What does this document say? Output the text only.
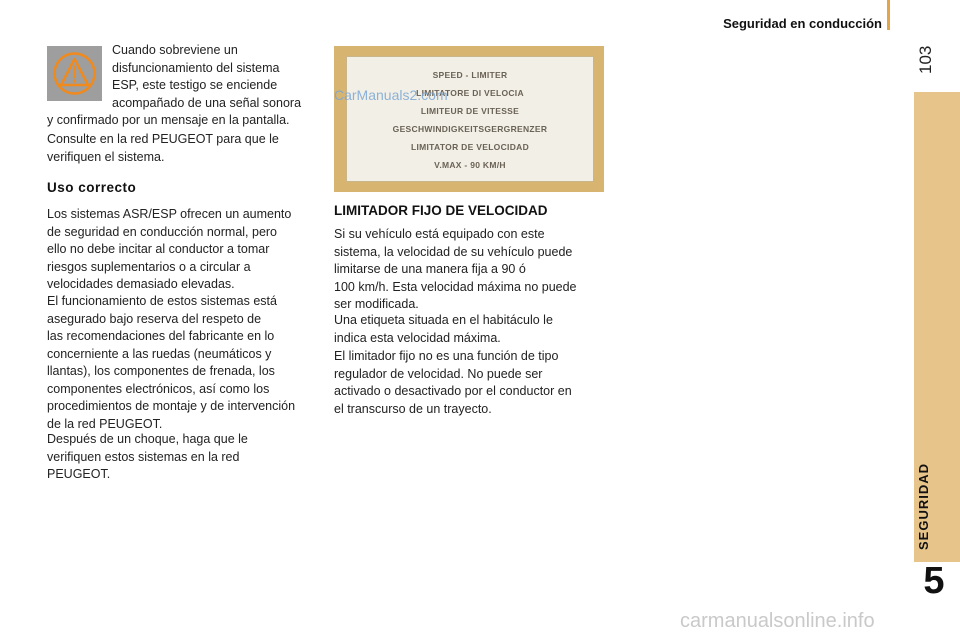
Seguridad en conducción
103
SEGURIDAD
5
Cuando sobreviene un
disfuncionamiento del sistema
ESP, este testigo se enciende
acompañado de una señal sonora
y confirmado por un mensaje en la pantalla.
Consulte en la red PEUGEOT para que le
verifiquen el sistema.
Uso correcto
Los sistemas ASR/ESP ofrecen un aumento
de seguridad en conducción normal, pero
ello no debe incitar al conductor a tomar
riesgos suplementarios o a circular a
velocidades demasiado elevadas.
El funcionamiento de estos sistemas está
asegurado bajo reserva del respeto de
las recomendaciones del fabricante en lo
concerniente a las ruedas (neumáticos y
llantas), los componentes de frenada, los
componentes electrónicos, así como los
procedimientos de montaje y de intervención
de la red PEUGEOT.
Después de un choque, haga que le
verifiquen estos sistemas en la red
PEUGEOT.
SPEED - LIMITER
LIMITATORE DI VELOCIA
LIMITEUR DE VITESSE
GESCHWINDIGKEITSGERGRENZER
LIMITATOR DE VELOCIDAD
V.MAX - 90 KM/H
CarManuals2.com
LIMITADOR FIJO DE VELOCIDAD
Si su vehículo está equipado con este
sistema, la velocidad de su vehículo puede
limitarse de una manera fija a 90 ó
100 km/h. Esta velocidad máxima no puede
ser modificada.
Una etiqueta situada en el habitáculo le
indica esta velocidad máxima.
El limitador fijo no es una función de tipo
regulador de velocidad. No puede ser
activado o desactivado por el conductor en
el transcurso de un trayecto.
carmanualsonline.info
